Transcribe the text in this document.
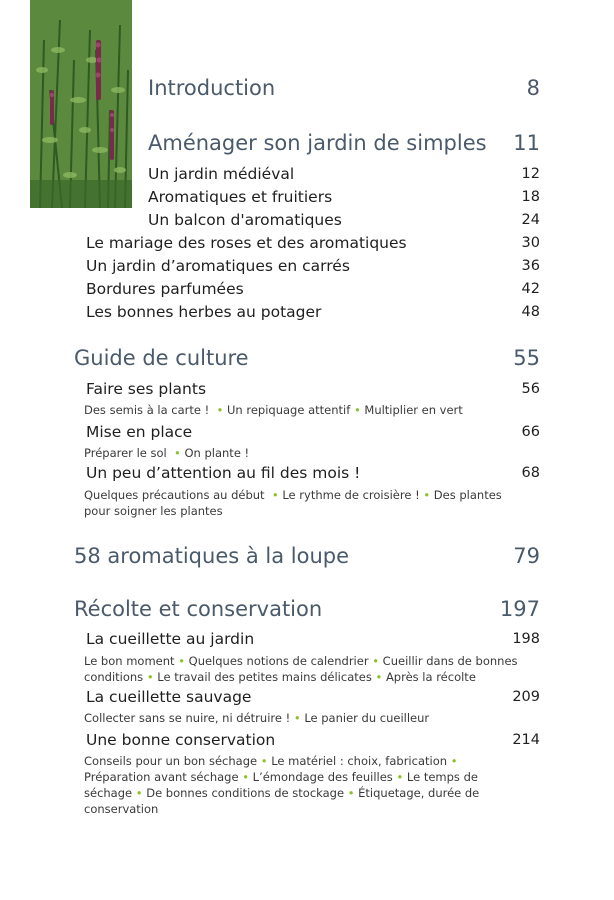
Introduction	8
Aménager son jardin de simples 11
Un jardin médiéval	12
Aromatiques et fruitiers	18
Un balcon d'aromatiques	24
Le mariage des roses et des aromatiques	30
Un jardin d’aromatiques en carrés	36
Bordures parfumées	42
Les bonnes herbes au potager	48
Guide de culture	55
Faire ses plants	56
Des semis à la carte !  • Un repiquage attentif • Multiplier en vert
Mise en place	66
Préparer le sol  • On plante !
Un peu d’attention au fil des mois !	68
Quelques précautions au début  • Le rythme de croisière ! • Des plantes pour soigner les plantes
58 aromatiques à la loupe	79
Récolte et conservation	197
La cueillette au jardin	198
Le bon moment • Quelques notions de calendrier • Cueillir dans de bonnes conditions • Le travail des petites mains délicates • Après la récolte
La cueillette sauvage	209
Collecter sans se nuire, ni détruire ! • Le panier du cueilleur
Une bonne conservation	214
Conseils pour un bon séchage • Le matériel : choix, fabrication • Préparation avant séchage • L’émondage des feuilles • Le temps de séchage • De bonnes conditions de stockage • Étiquetage, durée de conservation
